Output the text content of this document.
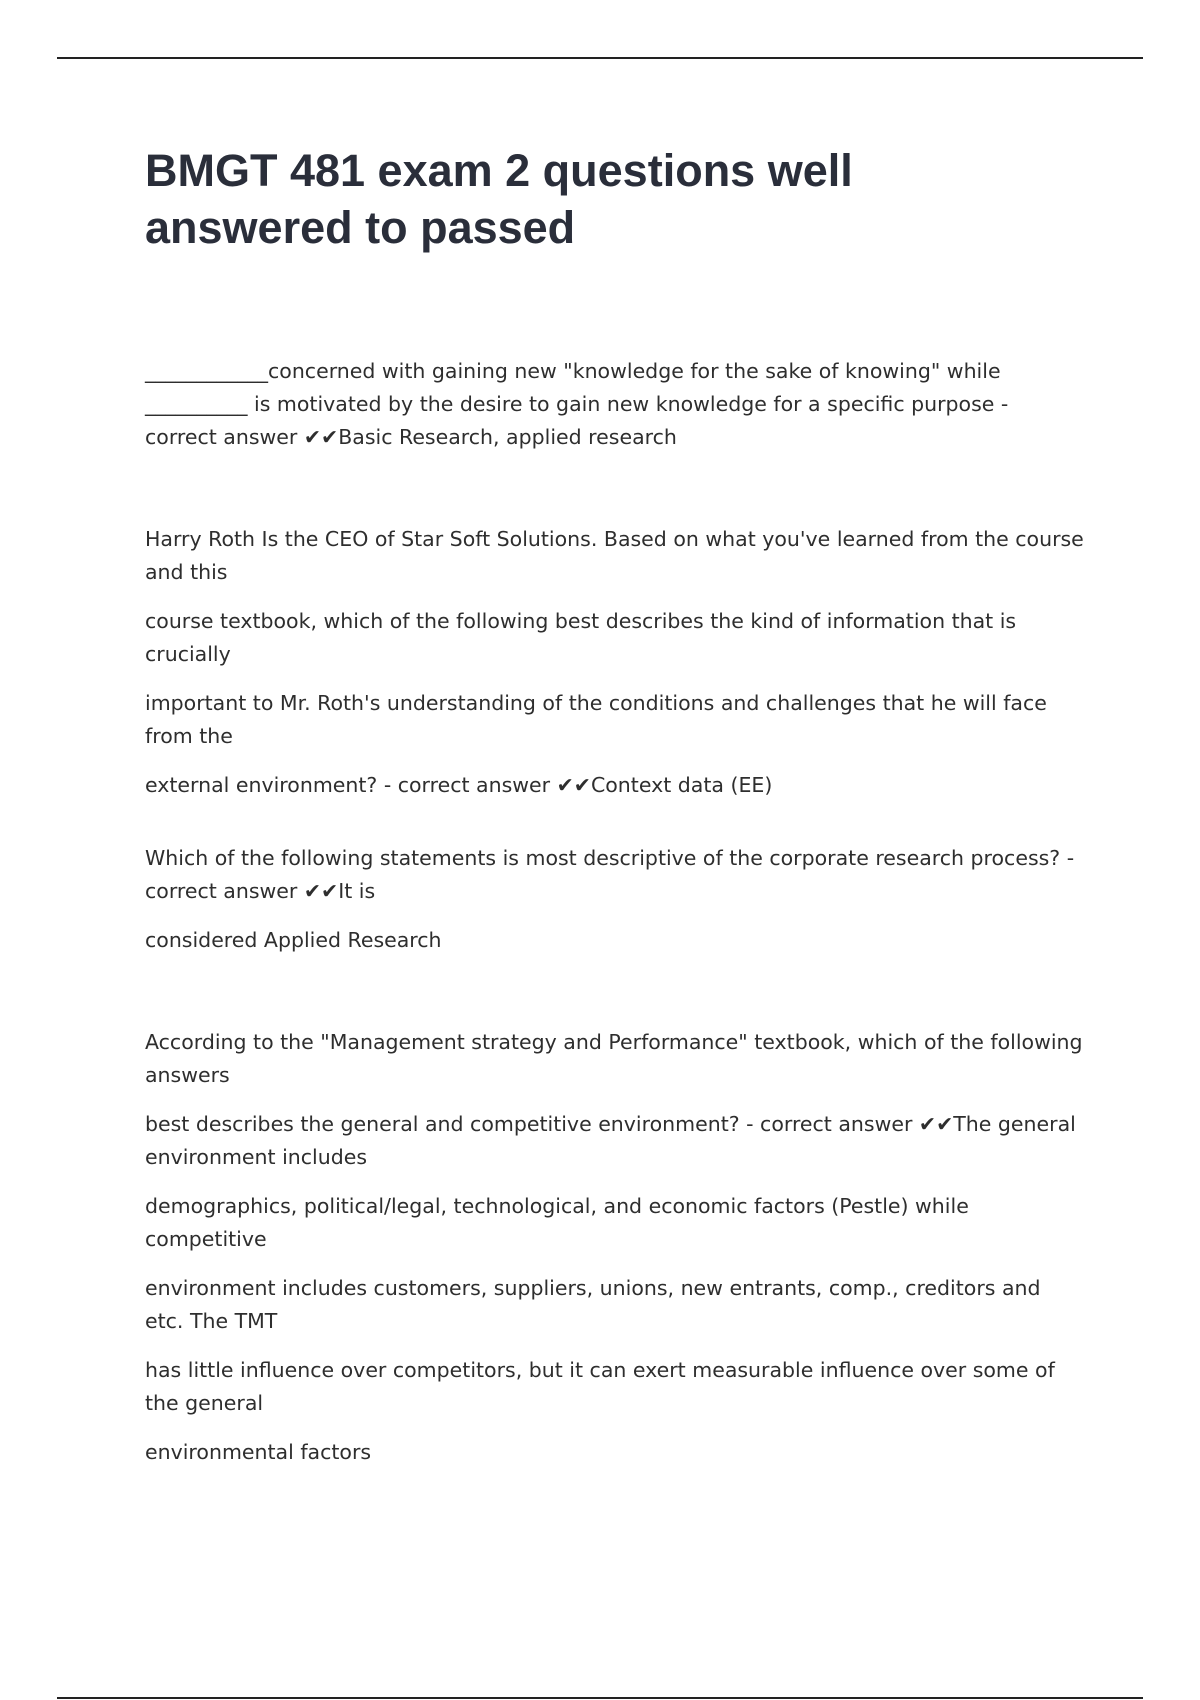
BMGT 481 exam 2 questions well
answered to passed

____________concerned with gaining new "knowledge for the sake of knowing" while __________ is motivated by the desire to gain new knowledge for a specific purpose - correct answer ✔✔Basic Research, applied research

Harry Roth Is the CEO of Star Soft Solutions. Based on what you've learned from the course and this

course textbook, which of the following best describes the kind of information that is crucially

important to Mr. Roth's understanding of the conditions and challenges that he will face from the

external environment? - correct answer ✔✔Context data (EE)

Which of the following statements is most descriptive of the corporate research process? - correct answer ✔✔It is

considered Applied Research

According to the "Management strategy and Performance" textbook, which of the following answers

best describes the general and competitive environment? - correct answer ✔✔The general environment includes

demographics, political/legal, technological, and economic factors (Pestle) while competitive

environment includes customers, suppliers, unions, new entrants, comp., creditors and etc. The TMT

has little influence over competitors, but it can exert measurable influence over some of the general

environmental factors
